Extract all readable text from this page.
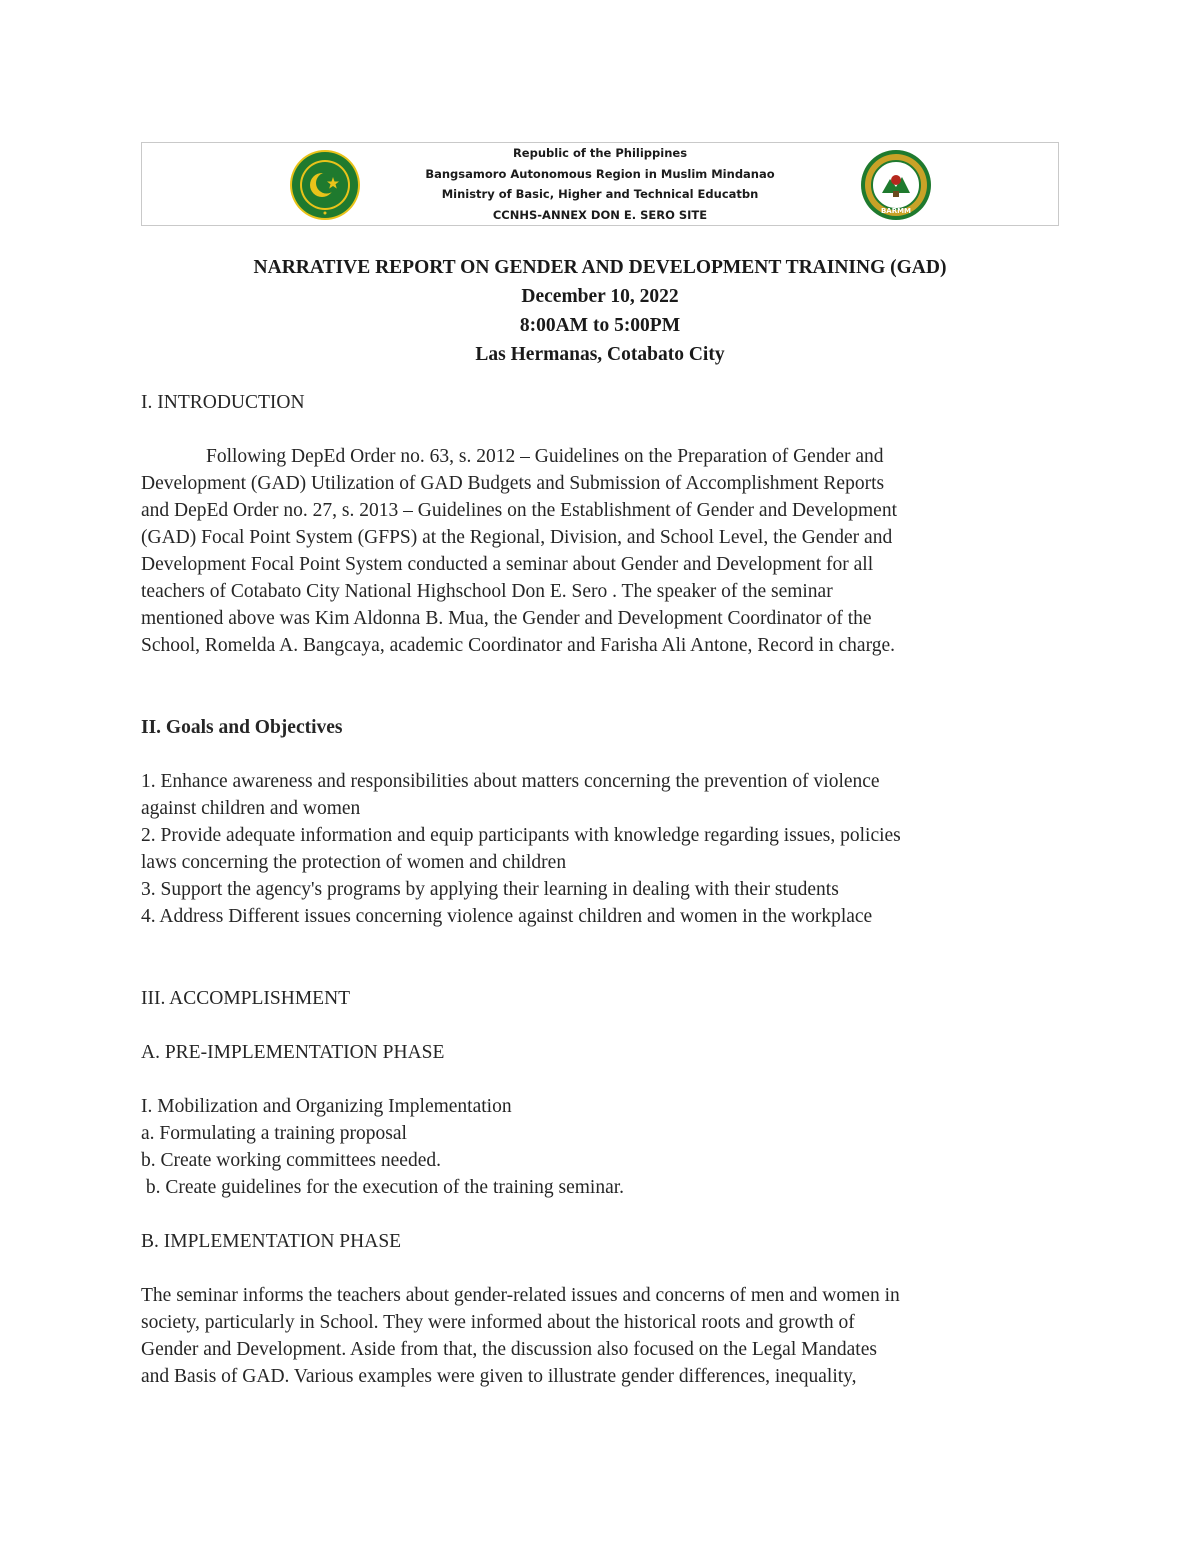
Republic of the Philippines
Bangsamoro Autonomous Region in Muslim Mindanao
Ministry of Basic, Higher and Technical Educatbn
CCNHS-ANNEX DON E. SERO SITE	BARMM
NARRATIVE REPORT ON GENDER AND DEVELOPMENT TRAINING (GAD)
December 10, 2022
8:00AM to 5:00PM
Las Hermanas, Cotabato City
I. INTRODUCTION
Following DepEd Order no. 63, s. 2012 – Guidelines on the Preparation of Gender and
Development (GAD) Utilization of GAD Budgets and Submission of Accomplishment Reports
and DepEd Order no. 27, s. 2013 – Guidelines on the Establishment of Gender and Development
(GAD) Focal Point System (GFPS) at the Regional, Division, and School Level, the Gender and
Development Focal Point System conducted a seminar about Gender and Development for all
teachers of Cotabato City National Highschool Don E. Sero . The speaker of the seminar
mentioned above was Kim Aldonna B. Mua, the Gender and Development Coordinator of the
School, Romelda A. Bangcaya, academic Coordinator and Farisha Ali Antone, Record in charge.
II. Goals and Objectives
1. Enhance awareness and responsibilities about matters concerning the prevention of violence
against children and women
2. Provide adequate information and equip participants with knowledge regarding issues, policies
laws concerning the protection of women and children
3. Support the agency's programs by applying their learning in dealing with their students
4. Address Different issues concerning violence against children and women in the workplace
III. ACCOMPLISHMENT
A. PRE-IMPLEMENTATION PHASE
I. Mobilization and Organizing Implementation
a. Formulating a training proposal
b. Create working committees needed.
b. Create guidelines for the execution of the training seminar.
B. IMPLEMENTATION PHASE
The seminar informs the teachers about gender-related issues and concerns of men and women in
society, particularly in School. They were informed about the historical roots and growth of
Gender and Development. Aside from that, the discussion also focused on the Legal Mandates
and Basis of GAD. Various examples were given to illustrate gender differences, inequality,
